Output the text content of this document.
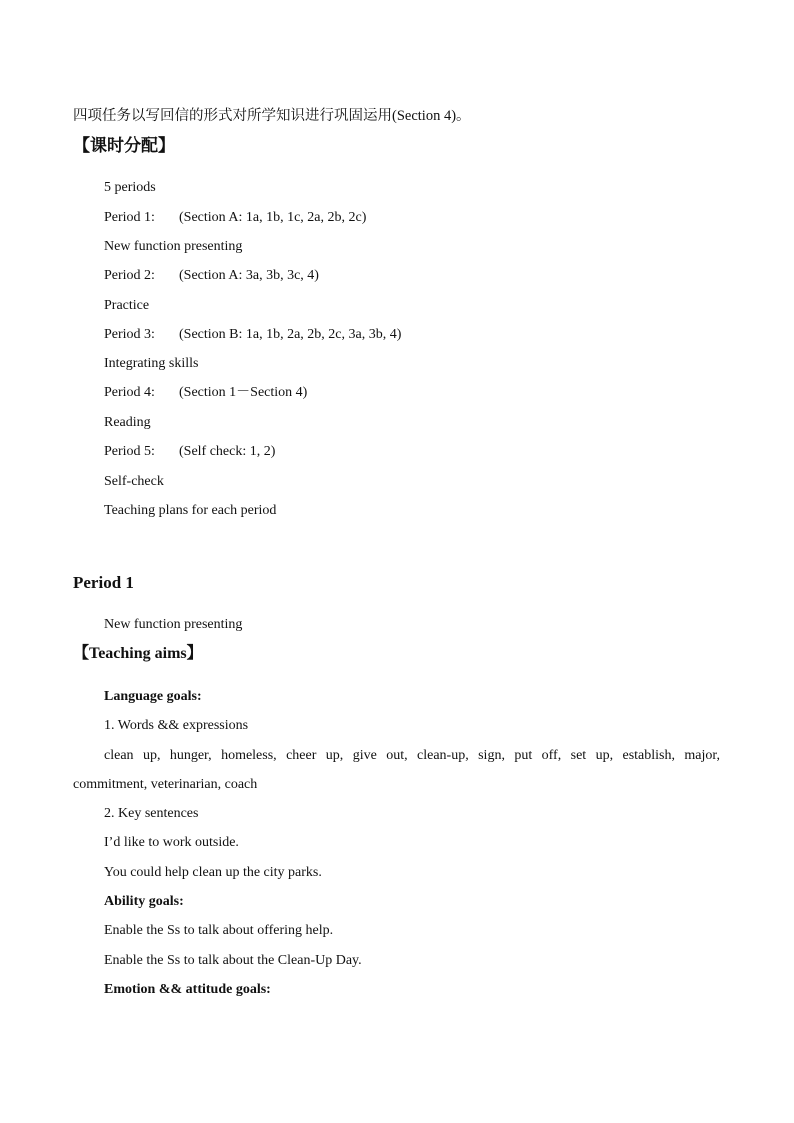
四项任务以写回信的形式对所学知识进行巩固运用(Section 4)。
【课时分配】
5 periods
Period 1: (Section A: 1a, 1b, 1c, 2a, 2b, 2c)
New function presenting
Period 2: (Section A: 3a, 3b, 3c, 4)
Practice
Period 3: (Section B: 1a, 1b, 2a, 2b, 2c, 3a, 3b, 4)
Integrating skills
Period 4: (Section 1－Section 4)
Reading
Period 5: (Self check: 1, 2)
Self-check
Teaching plans for each period
Period 1
New function presenting
【Teaching aims】
Language goals:
1. Words && expressions
clean up, hunger, homeless, cheer up, give out, clean-up, sign, put off, set up, establish, major,
commitment, veterinarian, coach
2. Key sentences
I’d like to work outside.
You could help clean up the city parks.
Ability goals:
Enable the Ss to talk about offering help.
Enable the Ss to talk about the Clean-Up Day.
Emotion && attitude goals:
